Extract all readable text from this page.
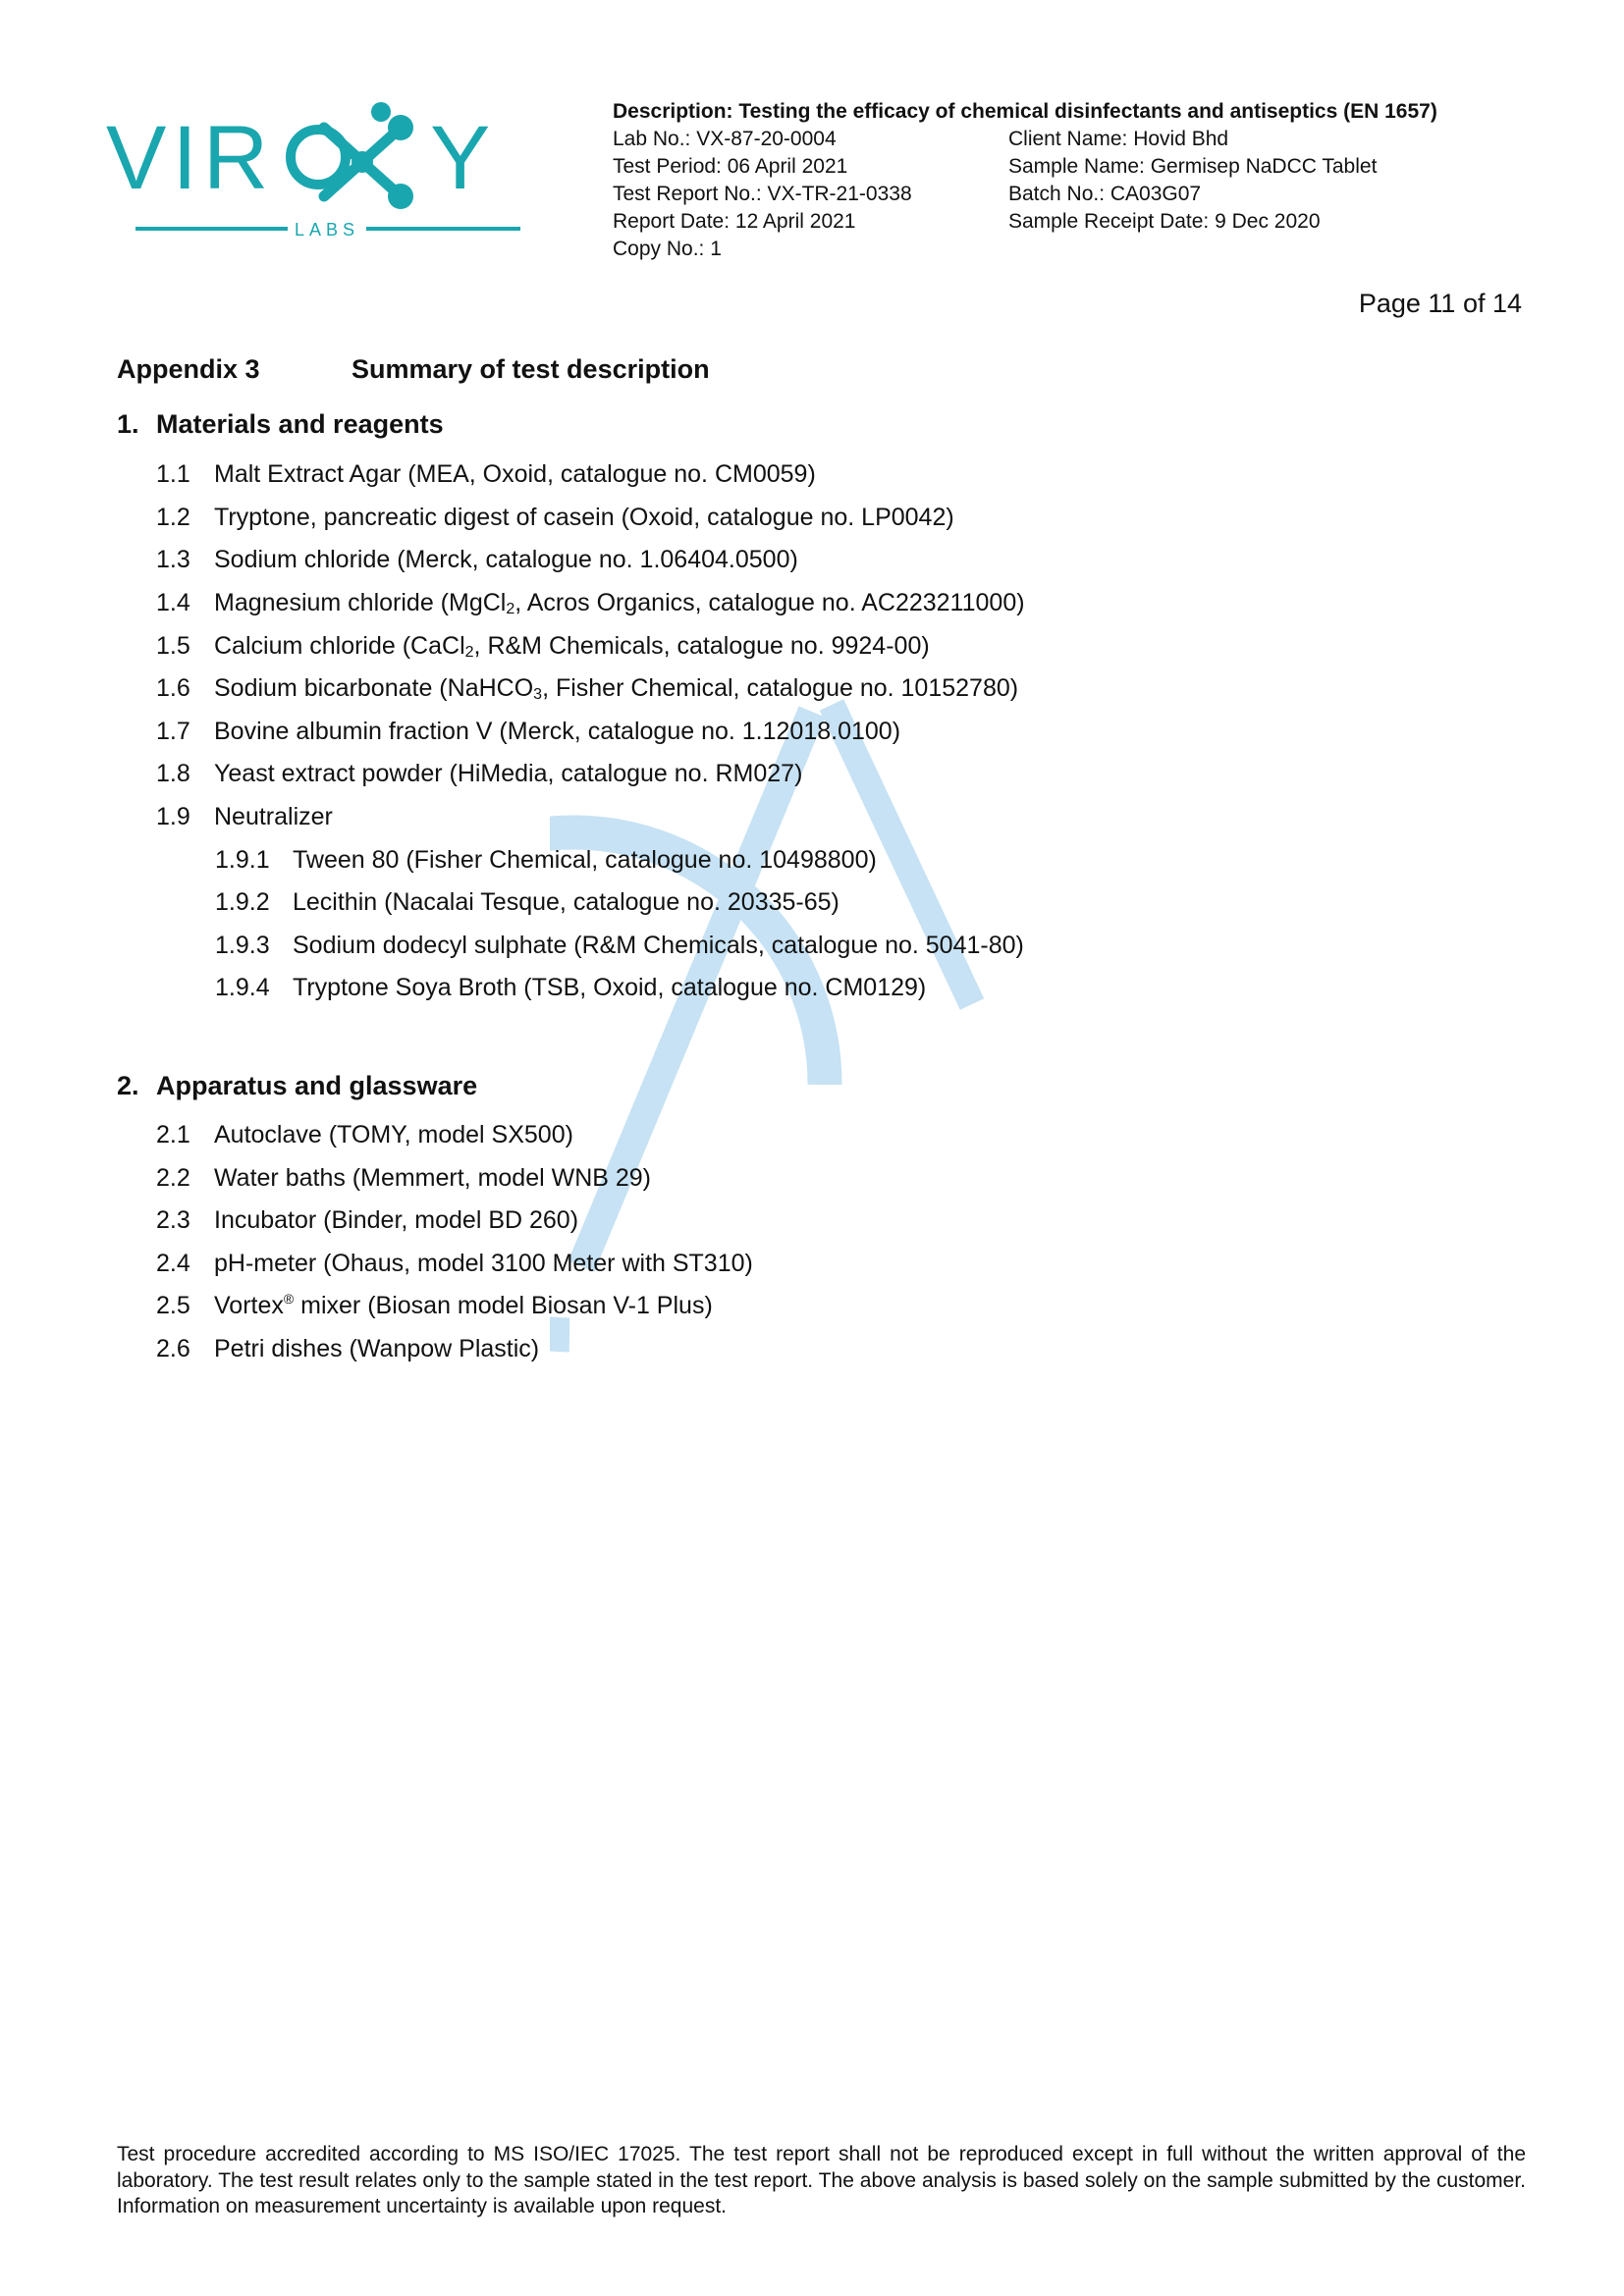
VIR Y
LABS
Description: Testing the efficacy of chemical disinfectants and antiseptics (EN 1657)
Lab No.: VX-87-20-0004	Client Name: Hovid Bhd
Test Period: 06 April 2021	Sample Name: Germisep NaDCC Tablet
Test Report No.: VX-TR-21-0338	Batch No.: CA03G07
Report Date: 12 April 2021	Sample Receipt Date: 9 Dec 2020
Copy No.: 1
Page 11 of 14
Appendix 3	Summary of test description
1. Materials and reagents
1.1 Malt Extract Agar (MEA, Oxoid, catalogue no. CM0059)
1.2 Tryptone, pancreatic digest of casein (Oxoid, catalogue no. LP0042)
1.3 Sodium chloride (Merck, catalogue no. 1.06404.0500)
1.4 Magnesium chloride (MgCl$_2$, Acros Organics, catalogue no. AC223211000)
1.5 Calcium chloride (CaCl$_2$, R&M Chemicals, catalogue no. 9924-00)
1.6 Sodium bicarbonate (NaHCO$_3$, Fisher Chemical, catalogue no. 10152780)
1.7 Bovine albumin fraction V (Merck, catalogue no. 1.12018.0100)
1.8 Yeast extract powder (HiMedia, catalogue no. RM027)
1.9 Neutralizer
1.9.1 Tween 80 (Fisher Chemical, catalogue no. 10498800)
1.9.2 Lecithin (Nacalai Tesque, catalogue no. 20335-65)
1.9.3 Sodium dodecyl sulphate (R&M Chemicals, catalogue no. 5041-80)
1.9.4 Tryptone Soya Broth (TSB, Oxoid, catalogue no. CM0129)
2. Apparatus and glassware
2.1 Autoclave (TOMY, model SX500)
2.2 Water baths (Memmert, model WNB 29)
2.3 Incubator (Binder, model BD 260)
2.4 pH-meter (Ohaus, model 3100 Meter with ST310)
2.5 Vortex® mixer (Biosan model Biosan V-1 Plus)
2.6 Petri dishes (Wanpow Plastic)
Test procedure accredited according to MS ISO/IEC 17025. The test report shall not be reproduced except in full without the written approval of the laboratory. The test result relates only to the sample stated in the test report. The above analysis is based solely on the sample submitted by the customer. Information on measurement uncertainty is available upon request.
